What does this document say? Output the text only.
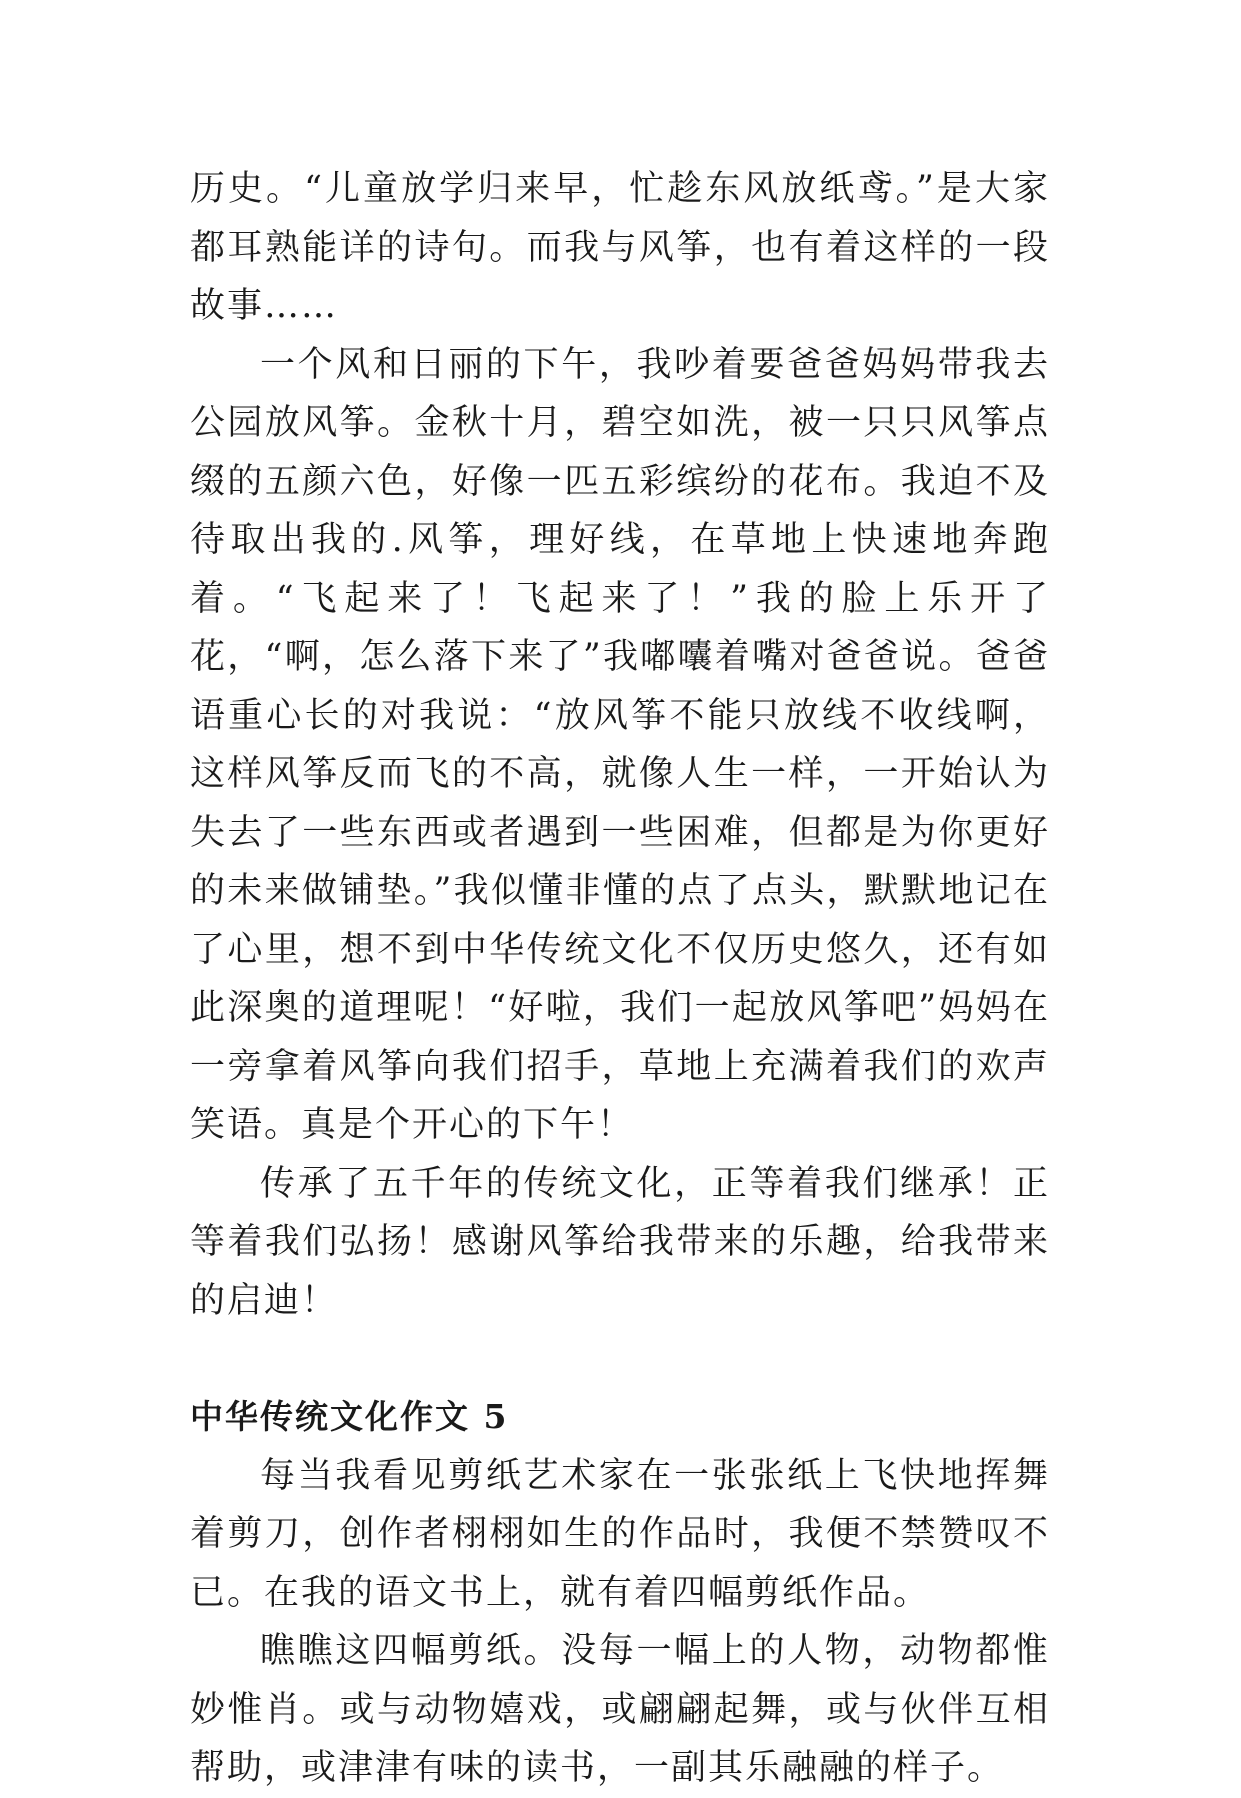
历史。“儿童放学归来早，忙趁东风放纸鸢。”是大家都耳熟能详的诗句。而我与风筝，也有着这样的一段故事……

一个风和日丽的下午，我吵着要爸爸妈妈带我去公园放风筝。金秋十月，碧空如洗，被一只只风筝点缀的五颜六色，好像一匹五彩缤纷的花布。我迫不及待取出我的.风筝，理好线，在草地上快速地奔跑着。“飞起来了！飞起来了！”我的脸上乐开了花，“啊，怎么落下来了”我嘟囔着嘴对爸爸说。爸爸语重心长的对我说：“放风筝不能只放线不收线啊，这样风筝反而飞的不高，就像人生一样，一开始认为失去了一些东西或者遇到一些困难，但都是为你更好的未来做铺垫。”我似懂非懂的点了点头，默默地记在了心里，想不到中华传统文化不仅历史悠久，还有如此深奥的道理呢！“好啦，我们一起放风筝吧”妈妈在一旁拿着风筝向我们招手，草地上充满着我们的欢声笑语。真是个开心的下午！

传承了五千年的传统文化，正等着我们继承！正等着我们弘扬！感谢风筝给我带来的乐趣，给我带来的启迪！

中华传统文化作文 5

每当我看见剪纸艺术家在一张张纸上飞快地挥舞着剪刀，创作者栩栩如生的作品时，我便不禁赞叹不已。在我的语文书上，就有着四幅剪纸作品。

瞧瞧这四幅剪纸。没每一幅上的人物，动物都惟妙惟肖。或与动物嬉戏，或翩翩起舞，或与伙伴互相帮助，或津津有味的读书，一副其乐融融的样子。
